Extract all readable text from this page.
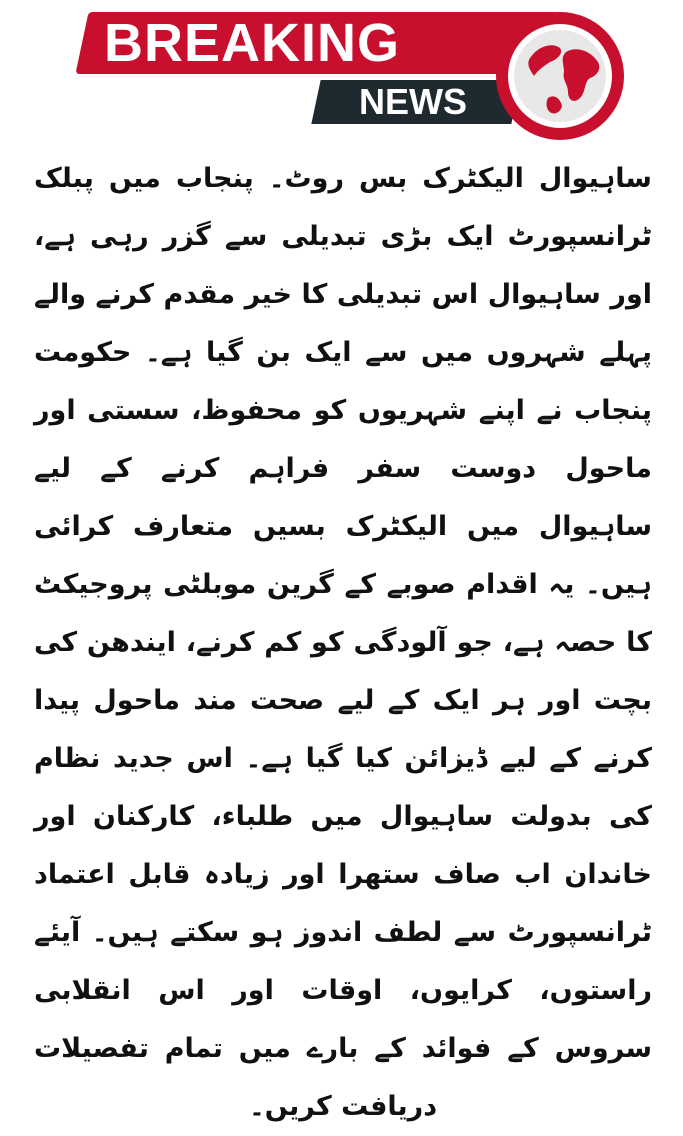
BREAKING
NEWS
ساہیوال الیکٹرک بس روٹ۔ پنجاب میں پبلک ٹرانسپورٹ ایک بڑی تبدیلی سے گزر رہی ہے، اور ساہیوال اس تبدیلی کا خیر مقدم کرنے والے پہلے شہروں میں سے ایک بن گیا ہے۔ حکومت پنجاب نے اپنے شہریوں کو محفوظ، سستی اور ماحول دوست سفر فراہم کرنے کے لیے ساہیوال میں الیکٹرک بسیں متعارف کرائی ہیں۔ یہ اقدام صوبے کے گرین موبلٹی پروجیکٹ کا حصہ ہے، جو آلودگی کو کم کرنے، ایندھن کی بچت اور ہر ایک کے لیے صحت مند ماحول پیدا کرنے کے لیے ڈیزائن کیا گیا ہے۔ اس جدید نظام کی بدولت ساہیوال میں طلباء، کارکنان اور خاندان اب صاف ستھرا اور زیادہ قابل اعتماد ٹرانسپورٹ سے لطف اندوز ہو سکتے ہیں۔ آیئے راستوں، کرایوں، اوقات اور اس انقلابی سروس کے فوائد کے بارے میں تمام تفصیلات دریافت کریں۔
